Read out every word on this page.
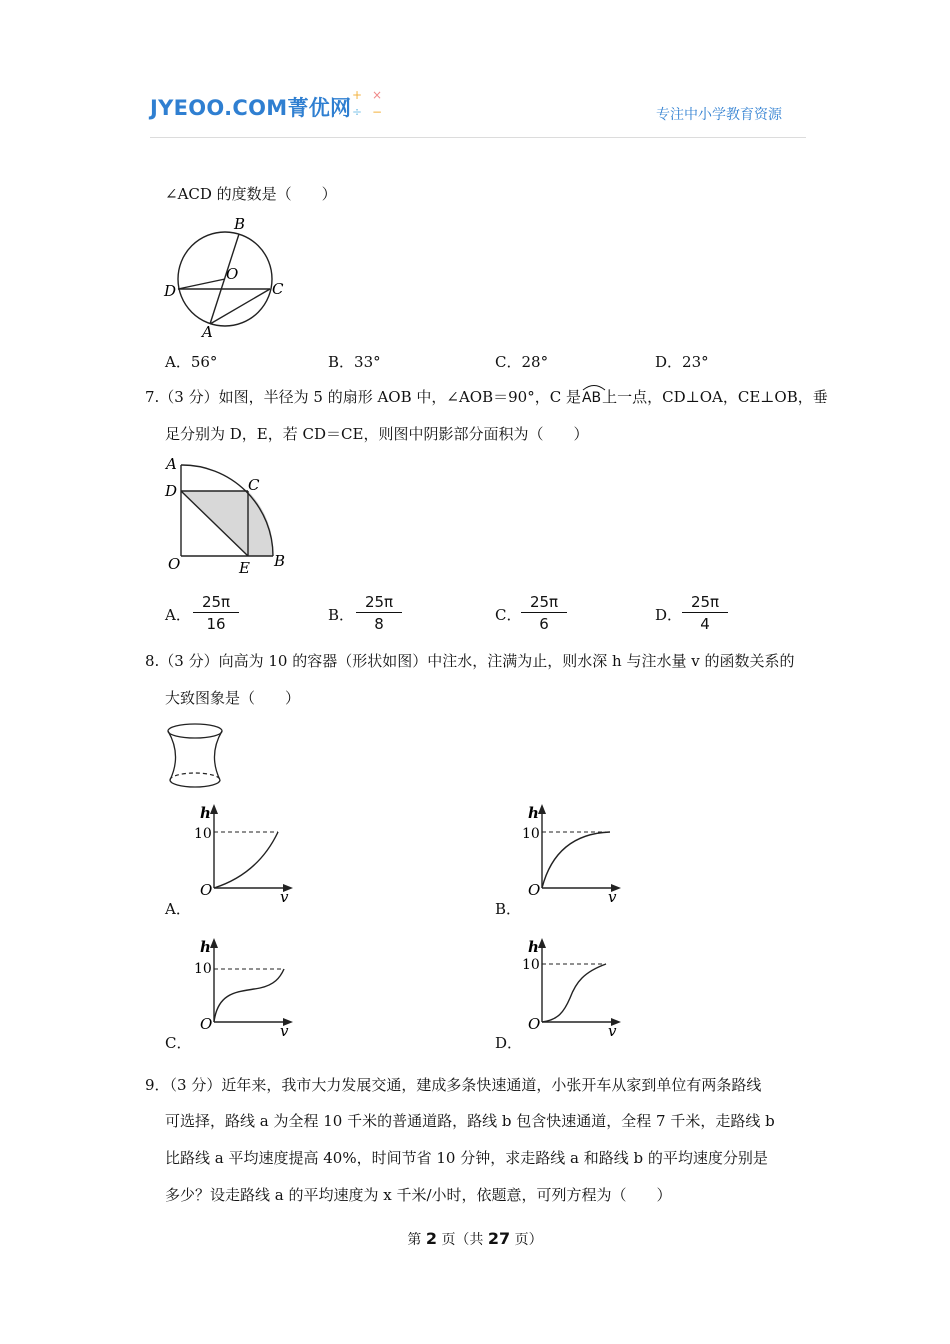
JYEOO.COM菁优网
+ ×
÷ −	专注中小学教育资源
∠ACD 的度数是（　　）
B
O
D	C
A
A．56°	B．33°	C．28°	D．23°
7.（3 分）如图，半径为 5 的扇形 AOB 中，∠AOB＝90°，C 是
AB上一点，CD⊥OA，CE⊥OB，垂
足分别为 D，E，若 CD＝CE，则图中阴影部分面积为（　　）
A
D	C
O	E B
A．
25π
16	B．
25π
8	C．
25π
6	D．
25π
4
8.（3 分）向高为 10 的容器（形状如图）中注水，注满为止，则水深 h 与注水量 v 的函数关系的
大致图象是（　　）
h
10
O	v
A．
h
10
O	v
B．
h
10
O	v
C．
h
10
O	v
D．
9．（3 分）近年来，我市大力发展交通，建成多条快速通道，小张开车从家到单位有两条路线
可选择，路线 a 为全程 10 千米的普通道路，路线 b 包含快速通道，全程 7 千米，走路线 b
比路线 a 平均速度提高 40%，时间节省 10 分钟，求走路线 a 和路线 b 的平均速度分别是
多少？设走路线 a 的平均速度为 x 千米/小时，依题意，可列方程为（　　）
第 2 页（共 27 页）
